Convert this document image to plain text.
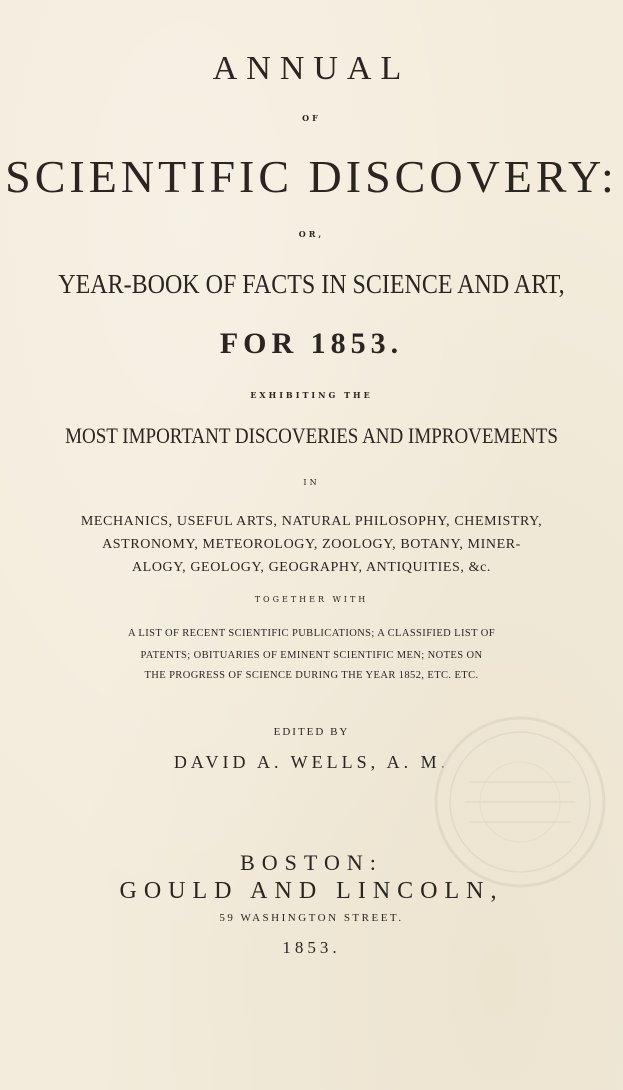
ANNUAL
OF
SCIENTIFIC DISCOVERY:
OR,
YEAR-BOOK OF FACTS IN SCIENCE AND ART,
FOR 1853.
EXHIBITING THE
MOST IMPORTANT DISCOVERIES AND IMPROVEMENTS
IN
MECHANICS, USEFUL ARTS, NATURAL PHILOSOPHY, CHEMISTRY,
ASTRONOMY, METEOROLOGY, ZOOLOGY, BOTANY, MINER-
ALOGY, GEOLOGY, GEOGRAPHY, ANTIQUITIES, &c.
TOGETHER WITH
A LIST OF RECENT SCIENTIFIC PUBLICATIONS; A CLASSIFIED LIST OF
PATENTS; OBITUARIES OF EMINENT SCIENTIFIC MEN; NOTES ON
THE PROGRESS OF SCIENCE DURING THE YEAR 1852, ETC. ETC.
EDITED BY
DAVID A. WELLS, A. M.
BOSTON:
GOULD AND LINCOLN,
59 WASHINGTON STREET.
1853.
